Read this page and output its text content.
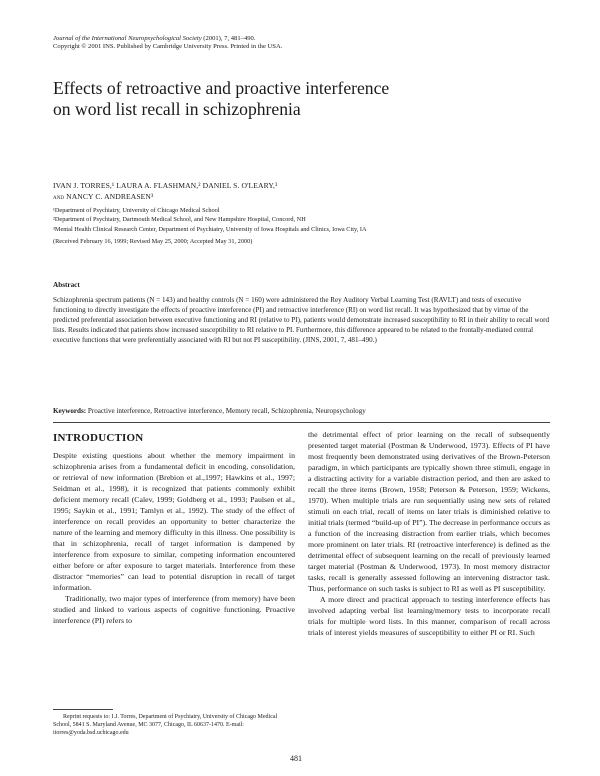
Journal of the International Neuropsychological Society (2001), 7, 481–490.
Copyright © 2001 INS. Published by Cambridge University Press. Printed in the USA.
Effects of retroactive and proactive interference
on word list recall in schizophrenia
IVAN J. TORRES,¹ LAURA A. FLASHMAN,² DANIEL S. O'LEARY,³
and NANCY C. ANDREASEN³
¹Department of Psychiatry, University of Chicago Medical School
²Department of Psychiatry, Dartmouth Medical School, and New Hampshire Hospital, Concord, NH
³Mental Health Clinical Research Center, Department of Psychiatry, University of Iowa Hospitals and Clinics, Iowa City, IA
(Received February 16, 1999; Revised May 25, 2000; Accepted May 31, 2000)
Abstract
Schizophrenia spectrum patients (N = 143) and healthy controls (N = 160) were administered the Rey Auditory Verbal Learning Test (RAVLT) and tests of executive functioning to directly investigate the effects of proactive interference (PI) and retroactive interference (RI) on word list recall. It was hypothesized that by virtue of the predicted preferential association between executive functioning and RI (relative to PI), patients would demonstrate increased susceptibility to RI in their ability to recall word lists. Results indicated that patients show increased susceptibility to RI relative to PI. Furthermore, this difference appeared to be related to the frontally-mediated central executive functions that were preferentially associated with RI but not PI susceptibility. (JINS, 2001, 7, 481–490.)
Keywords: Proactive interference, Retroactive interference, Memory recall, Schizophrenia, Neuropsychology
INTRODUCTION

Despite existing questions about whether the memory impairment in schizophrenia arises from a fundamental deficit in encoding, consolidation, or retrieval of new information (Brebion et al.,1997; Hawkins et al., 1997; Seidman et al., 1998), it is recognized that patients commonly exhibit deficient memory recall (Calev, 1999; Goldberg et al., 1993; Paulsen et al., 1995; Saykin et al., 1991; Tamlyn et al., 1992). The study of the effect of interference on recall provides an opportunity to better characterize the nature of the learning and memory difficulty in this illness. One possibility is that in schizophrenia, recall of target information is dampened by interference from exposure to similar, competing information encountered either before or after exposure to target materials. Interference from these distractor “memories” can lead to potential disruption in recall of target information.

Traditionally, two major types of interference (from memory) have been studied and linked to various aspects of cognitive functioning. Proactive interference (PI) refers to

the detrimental effect of prior learning on the recall of subsequently presented target material (Postman & Underwood, 1973). Effects of PI have most frequently been demonstrated using derivatives of the Brown-Peterson paradigm, in which participants are typically shown three stimuli, engage in a distracting activity for a variable distraction period, and then are asked to recall the three items (Brown, 1958; Peterson & Peterson, 1959; Wickens, 1970). When multiple trials are run sequentially using new sets of related stimuli on each trial, recall of items on later trials is diminished relative to initial trials (termed “build-up of PI”). The decrease in performance occurs as a function of the increasing distraction from earlier trials, which becomes more prominent on later trials. RI (retroactive interference) is defined as the detrimental effect of subsequent learning on the recall of previously learned target material (Postman & Underwood, 1973). In most memory distractor tasks, recall is generally assessed following an intervening distractor task. Thus, performance on such tasks is subject to RI as well as PI susceptibility.

A more direct and practical approach to testing interference effects has involved adapting verbal list learning/memory tests to incorporate recall trials for multiple word lists. In this manner, comparison of recall across trials of interest yields measures of susceptibility to either PI or RI. Such

Reprint requests to: I.J. Torres, Department of Psychiatry, University of Chicago Medical School, 5841 S. Maryland Avenue, MC 3077, Chicago, IL 60637-1470. E-mail: itorres@yoda.bsd.uchicago.edu
481
